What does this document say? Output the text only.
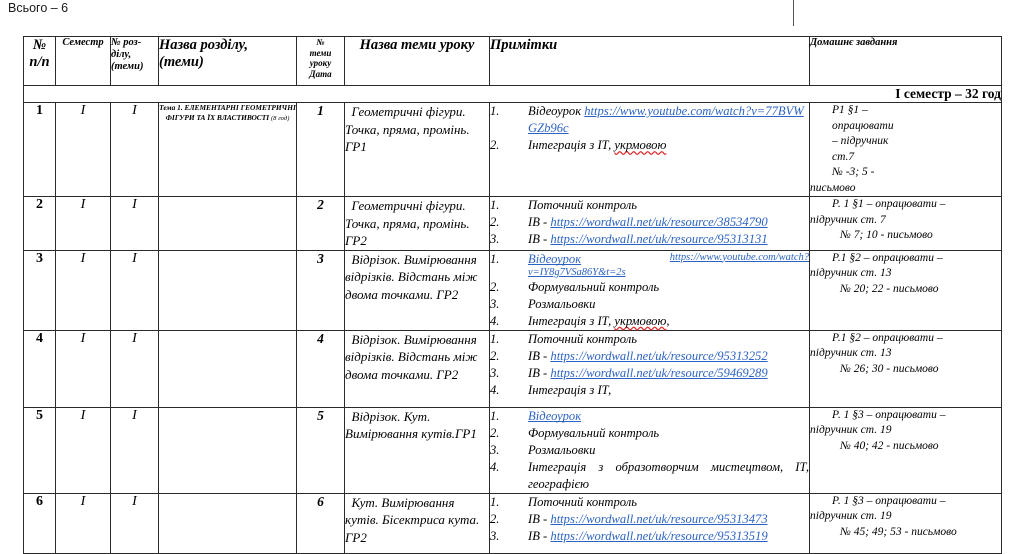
Всього – 6
№
п/п
	Семестр	№ роз-
ділу,
(теми)

Назва розділу,
(теми)

№
теми
уроку
Дата
	Назва теми уроку	Примітки	Домашнє завдання
I семестр – 32 год							
1	I	I	Тема 1. ЕЛЕМЕНТАРНІ ГЕОМЕТРИЧНІ ФІГУРИ ТА ЇХ ВЛАСТИВОСТІ (8 год)	1	Геометричні фігури. Точка, пряма, промінь. ГР1	
1.	Відеоурок https://www.youtube.com/watch?v=77BVWGZb96c
2.	Інтеграція з ІТ, укрмовою

Р1 §1 –
опрацювати
– підручник
ст.7
№ -3; 5 -
письмово

2	I	I		2	Геометричні фігури. Точка, пряма, промінь. ГР2	
1.	Поточний контроль
2.	ІВ - https://wordwall.net/uk/resource/38534790
3.	ІВ - https://wordwall.net/uk/resource/95313131

Р. 1 §1 – опрацювати –
підручник ст. 7
№ 7; 10 - письмово

3	I	I		3	Відрізок. Вимірювання відрізків. Відстань між двома точками. ГР2	
1.	Відеоурок	https://www.youtube.com/watch?
v=IY8g7VSa86Y&t=2s
2.	Формувальний контроль
3.	Розмальовки
4.	Інтеграція з ІТ, укрмовою,

Р.1 §2 – опрацювати –
підручник ст. 13
№ 20; 22 - письмово

4	I	I		4	Відрізок. Вимірювання відрізків. Відстань між двома точками. ГР2	
1.	Поточний контроль
2.	ІВ - https://wordwall.net/uk/resource/95313252
3.	ІВ - https://wordwall.net/uk/resource/59469289
4.	Інтеграція з ІТ,

Р.1 §2 – опрацювати –
підручник ст. 13
№ 26; 30 - письмово

5	I	I		5	Відрізок. Кут. Вимірювання кутів.ГР1	
1.	Відеоурок
2.	Формувальний контроль
3.	Розмальовки
4.	Інтеграція з образотворчим мистецтвом, ІТ, географією

Р. 1 §3 – опрацювати –
підручник ст. 19
№ 40; 42 - письмово

6	I	I		6	Кут. Вимірювання кутів. Бісектриса кута. ГР2	
1.	Поточний контроль
2.	ІВ - https://wordwall.net/uk/resource/95313473
3.	ІВ - https://wordwall.net/uk/resource/95313519

Р. 1 §3 – опрацювати –
підручник ст. 19
№ 45; 49; 53 - письмово
